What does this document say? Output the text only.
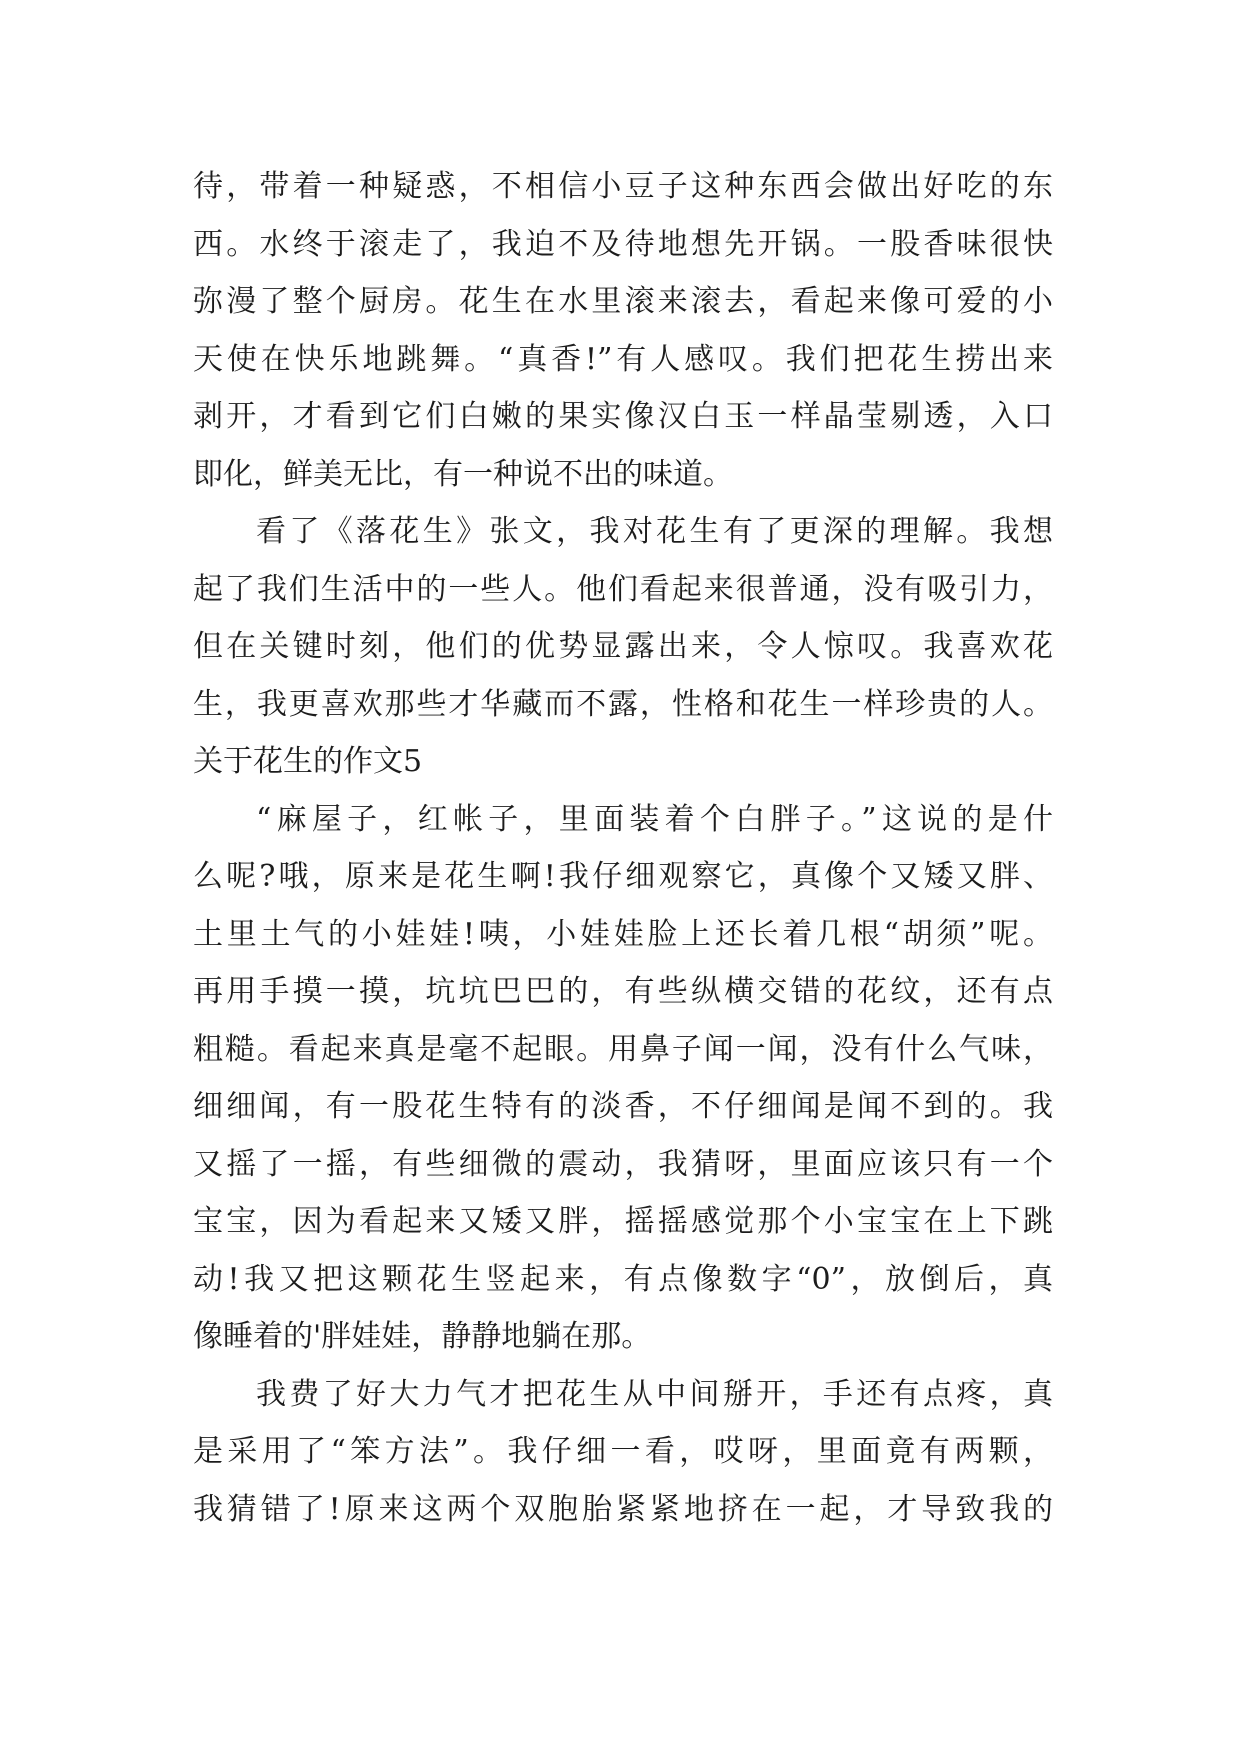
待，带着一种疑惑，不相信小豆子这种东西会做出好吃的东
西。水终于滚走了，我迫不及待地想先开锅。一股香味很快
弥漫了整个厨房。花生在水里滚来滚去，看起来像可爱的小
天使在快乐地跳舞。“真香!”有人感叹。我们把花生捞出来
剥开，才看到它们白嫩的果实像汉白玉一样晶莹剔透，入口
即化，鲜美无比，有一种说不出的味道。
看了《落花生》张文，我对花生有了更深的理解。我想
起了我们生活中的一些人。他们看起来很普通，没有吸引力，
但在关键时刻，他们的优势显露出来，令人惊叹。我喜欢花
生，我更喜欢那些才华藏而不露，性格和花生一样珍贵的人。
关于花生的作文5
“麻屋子，红帐子，里面装着个白胖子。”这说的是什
么呢?哦，原来是花生啊!我仔细观察它，真像个又矮又胖、
土里土气的小娃娃!咦，小娃娃脸上还长着几根“胡须”呢。
再用手摸一摸，坑坑巴巴的，有些纵横交错的花纹，还有点
粗糙。看起来真是毫不起眼。用鼻子闻一闻，没有什么气味，
细细闻，有一股花生特有的淡香，不仔细闻是闻不到的。我
又摇了一摇，有些细微的震动，我猜呀，里面应该只有一个
宝宝，因为看起来又矮又胖，摇摇感觉那个小宝宝在上下跳
动!我又把这颗花生竖起来，有点像数字“0”，放倒后，真
像睡着的'胖娃娃，静静地躺在那。
我费了好大力气才把花生从中间掰开，手还有点疼，真
是采用了“笨方法”。我仔细一看，哎呀，里面竟有两颗，
我猜错了!原来这两个双胞胎紧紧地挤在一起，才导致我的
